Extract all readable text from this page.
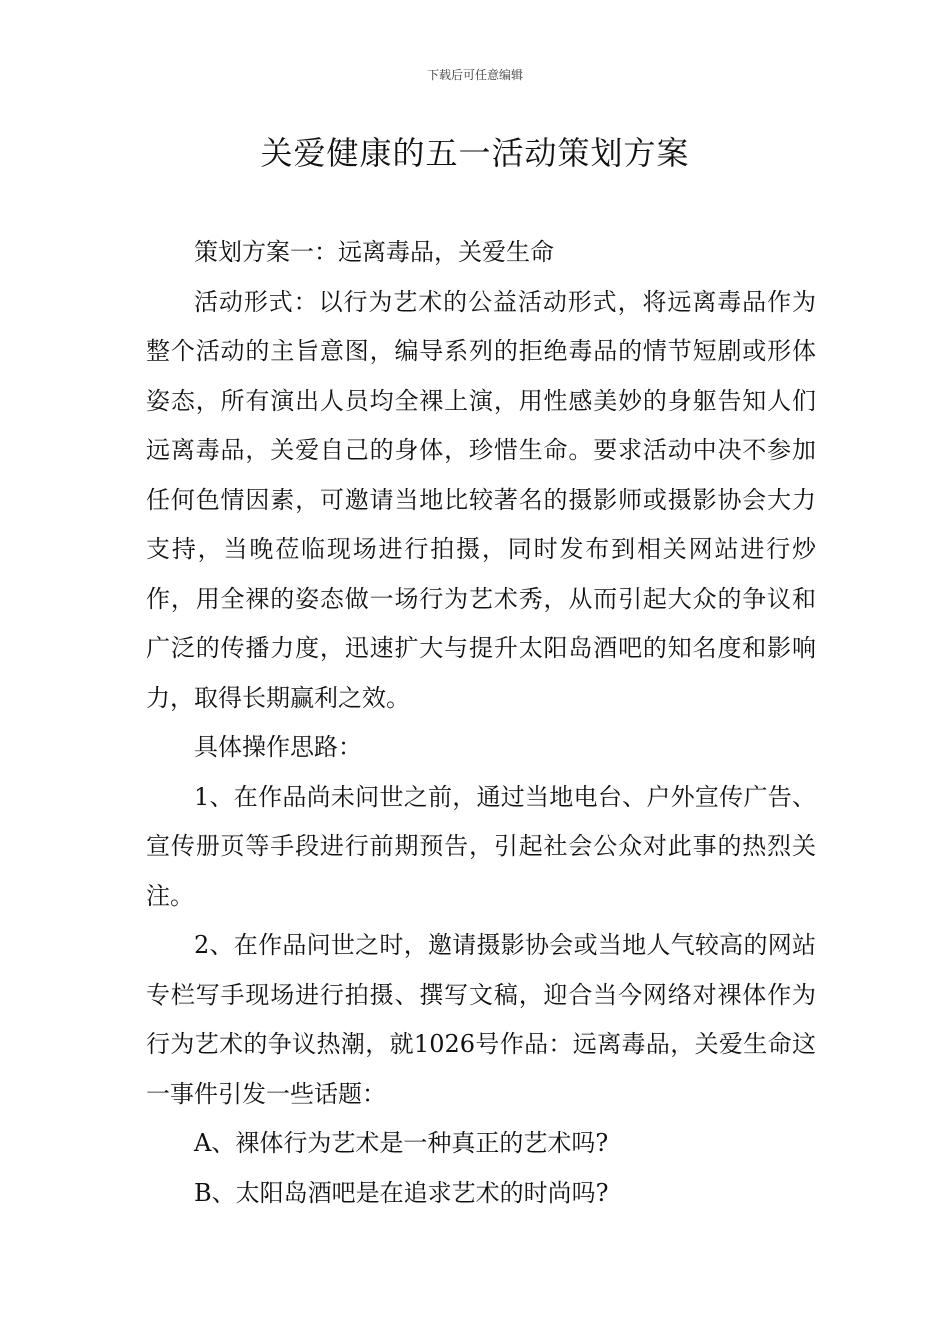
下载后可任意编辑
关爱健康的五一活动策划方案

策划方案一：远离毒品，关爱生命

活动形式：以行为艺术的公益活动形式，将远离毒品作为整个活动的主旨意图，编导系列的拒绝毒品的情节短剧或形体姿态，所有演出人员均全裸上演，用性感美妙的身躯告知人们远离毒品，关爱自己的身体，珍惜生命。要求活动中决不参加任何色情因素，可邀请当地比较著名的摄影师或摄影协会大力支持，当晚莅临现场进行拍摄，同时发布到相关网站进行炒作，用全裸的姿态做一场行为艺术秀，从而引起大众的争议和广泛的传播力度，迅速扩大与提升太阳岛酒吧的知名度和影响力，取得长期赢利之效。

具体操作思路：

1、在作品尚未问世之前，通过当地电台、户外宣传广告、宣传册页等手段进行前期预告，引起社会公众对此事的热烈关注。

2、在作品问世之时，邀请摄影协会或当地人气较高的网站专栏写手现场进行拍摄、撰写文稿，迎合当今网络对裸体作为行为艺术的争议热潮，就1026号作品：远离毒品，关爱生命这一事件引发一些话题：

A、裸体行为艺术是一种真正的艺术吗?

B、太阳岛酒吧是在追求艺术的时尚吗?
